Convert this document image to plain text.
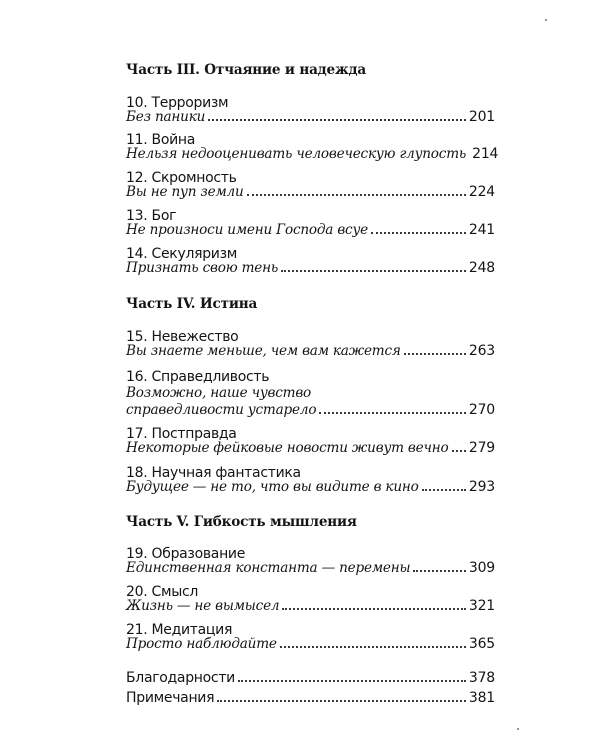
Часть III. Отчаяние и надежда
10. Терроризм
Без паники	201
11. Война
Нельзя недооценивать человеческую глупость 214
12. Скромность
Вы не пуп земли	224
13. Бог
Не произноси имени Господа всуе	241
14. Секуляризм
Признать свою тень	248
Часть IV. Истина
15. Невежество
Вы знаете меньше, чем вам кажется	263
16. Справедливость
Возможно, наше чувство
справедливости устарело	270
17. Постправда
Некоторые фейковые новости живут вечно 279
18. Научная фантастика
Будущее — не то, что вы видите в кино	293
Часть V. Гибкость мышления
19. Образование
Единственная константа — перемены	309
20. Смысл
Жизнь — не вымысел	321
21. Медитация
Просто наблюдайте	365
Благодарности	378
Примечания	381
